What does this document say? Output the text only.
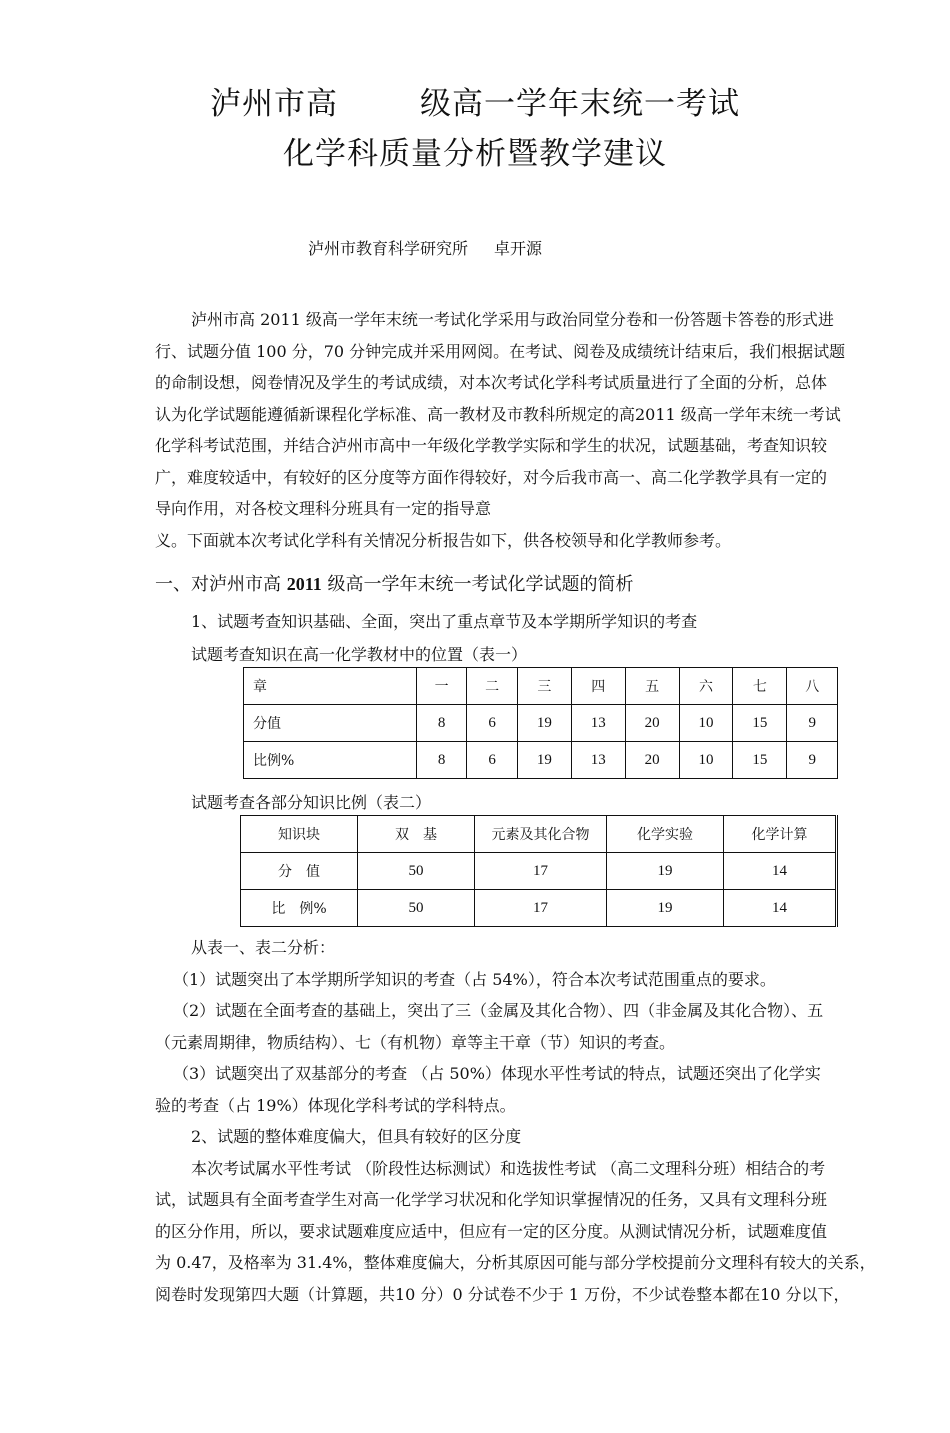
泸州市高	级高一学年末统一考试
化学科质量分析暨教学建议
泸州市教育科学研究所 卓开源
泸州市高 2011 级高一学年末统一考试化学采用与政治同堂分卷和一份答题卡答卷的形式进
行、试题分值 100 分，70 分钟完成并采用网阅。在考试、阅卷及成绩统计结束后，我们根据试题
的命制设想，阅卷情况及学生的考试成绩，对本次考试化学科考试质量进行了全面的分析，总体
认为化学试题能遵循新课程化学标准、高一教材及市教科所规定的高2011 级高一学年末统一考试
化学科考试范围，并结合泸州市高中一年级化学教学实际和学生的状况，试题基础，考查知识较
广，难度较适中，有较好的区分度等方面作得较好，对今后我市高一、高二化学教学具有一定的
导向作用，对各校文理科分班具有一定的指导意
义。下面就本次考试化学科有关情况分析报告如下，供各校领导和化学教师参考。
一、对泸州市高 2011 级高一学年末统一考试化学试题的简析
1、试题考查知识基础、全面，突出了重点章节及本学期所学知识的考查
试题考查知识在高一化学教材中的位置（表一）
章	一	二	三	四	五	六	七	八
分值	8	6	19	13	20	10	15	9
比例%	8	6	19	13	20	10	15	9
试题考查各部分知识比例（表二）
知识块	双　基	元素及其化合物	化学实验	化学计算
分　值	50	17	19	14
比　例%	50	17	19	14
从表一、表二分析：
（1）试题突出了本学期所学知识的考查（占 54%），符合本次考试范围重点的要求。
（2）试题在全面考查的基础上，突出了三（金属及其化合物）、四（非金属及其化合物）、五
（元素周期律，物质结构）、七（有机物）章等主干章（节）知识的考查。
（3）试题突出了双基部分的考查 （占 50%）体现水平性考试的特点，试题还突出了化学实
验的考查（占 19%）体现化学科考试的学科特点。
2、试题的整体难度偏大，但具有较好的区分度
本次考试属水平性考试 （阶段性达标测试）和选拔性考试 （高二文理科分班）相结合的考
试，试题具有全面考查学生对高一化学学习状况和化学知识掌握情况的任务，又具有文理科分班
的区分作用，所以，要求试题难度应适中，但应有一定的区分度。从测试情况分析，试题难度值
为 0.47，及格率为 31.4%，整体难度偏大，分析其原因可能与部分学校提前分文理科有较大的关系，
阅卷时发现第四大题（计算题，共10 分）0 分试卷不少于 1 万份，不少试卷整本都在10 分以下，
